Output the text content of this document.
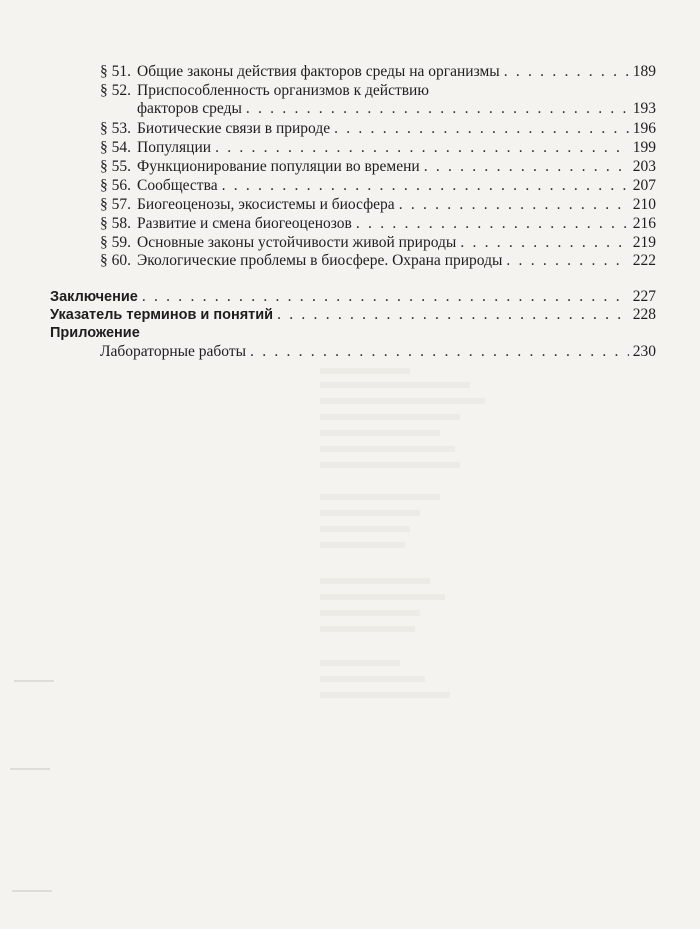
§ 51. Общие законы действия факторов среды на организмы . . .	189
§ 52. Приспособленность организмов к действию
факторов среды . . .	193
§ 53. Биотические связи в природе . . .	196
§ 54. Популяции . . .	199
§ 55. Функционирование популяции во времени . . .	203
§ 56. Сообщества . . .	207
§ 57. Биогеоценозы, экосистемы и биосфера . . .	210
§ 58. Развитие и смена биогеоценозов . . .	216
§ 59. Основные законы устойчивости живой природы . . .	219
§ 60. Экологические проблемы в биосфере. Охрана природы . . .	222
Заключение . . .	227
Указатель терминов и понятий . . .	228
Приложение
Лабораторные работы . . .	230
